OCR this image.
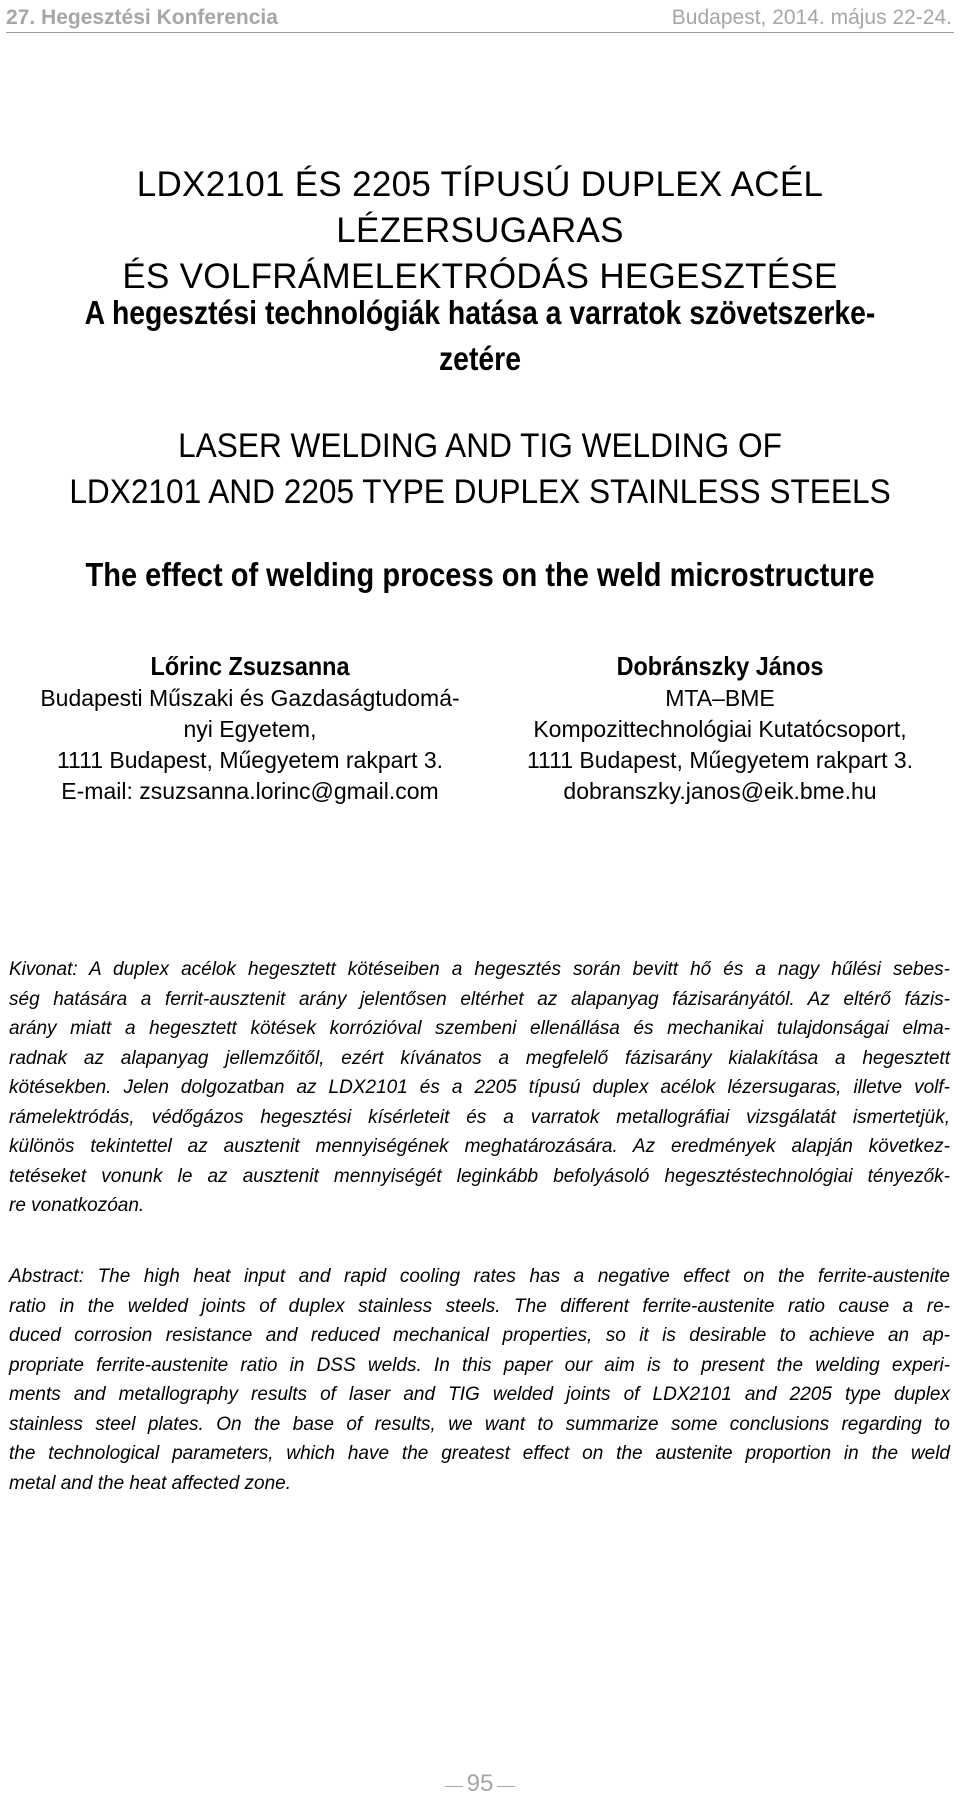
27. Hegesztési Konferencia	Budapest, 2014. május 22-24.
LDX2101 ÉS 2205 TÍPUSÚ DUPLEX ACÉL LÉZERSUGARAS
ÉS VOLFRÁMELEKTRÓDÁS HEGESZTÉSE
A hegesztési technológiák hatása a varratok szövetszerke-
zetére
LASER WELDING AND TIG WELDING OF
LDX2101 AND 2205 TYPE DUPLEX STAINLESS STEELS
The effect of welding process on the weld microstructure
Lőrinc Zsuzsanna
Budapesti Műszaki és Gazdaságtudomá-
nyi Egyetem,
1111 Budapest, Műegyetem rakpart 3.
E-mail: zsuzsanna.lorinc@gmail.com
Dobránszky János
MTA–BME
Kompozittechnológiai Kutatócsoport,
1111 Budapest, Műegyetem rakpart 3.
dobranszky.janos@eik.bme.hu
Kivonat: A duplex acélok hegesztett kötéseiben a hegesztés során bevitt hő és a nagy hűlési sebes-
ség hatására a ferrit-ausztenit arány jelentősen eltérhet az alapanyag fázisarányától. Az eltérő fázis-
arány miatt a hegesztett kötések korrózióval szembeni ellenállása és mechanikai tulajdonságai elma-
radnak az alapanyag jellemzőitől, ezért kívánatos a megfelelő fázisarány kialakítása a hegesztett
kötésekben. Jelen dolgozatban az LDX2101 és a 2205 típusú duplex acélok lézersugaras, illetve volf-
rámelektródás, védőgázos hegesztési kísérleteit és a varratok metallográfiai vizsgálatát ismertetjük,
különös tekintettel az ausztenit mennyiségének meghatározására. Az eredmények alapján következ-
tetéseket vonunk le az ausztenit mennyiségét leginkább befolyásoló hegesztéstechnológiai tényezők-
re vonatkozóan.
Abstract: The high heat input and rapid cooling rates has a negative effect on the ferrite-austenite
ratio in the welded joints of duplex stainless steels. The different ferrite-austenite ratio cause a re-
duced corrosion resistance and reduced mechanical properties, so it is desirable to achieve an ap-
propriate ferrite-austenite ratio in DSS welds. In this paper our aim is to present the welding experi-
ments and metallography results of laser and TIG welded joints of LDX2101 and 2205 type duplex
stainless steel plates. On the base of results, we want to summarize some conclusions regarding to
the technological parameters, which have the greatest effect on the austenite proportion in the weld
metal and the heat affected zone.
95
